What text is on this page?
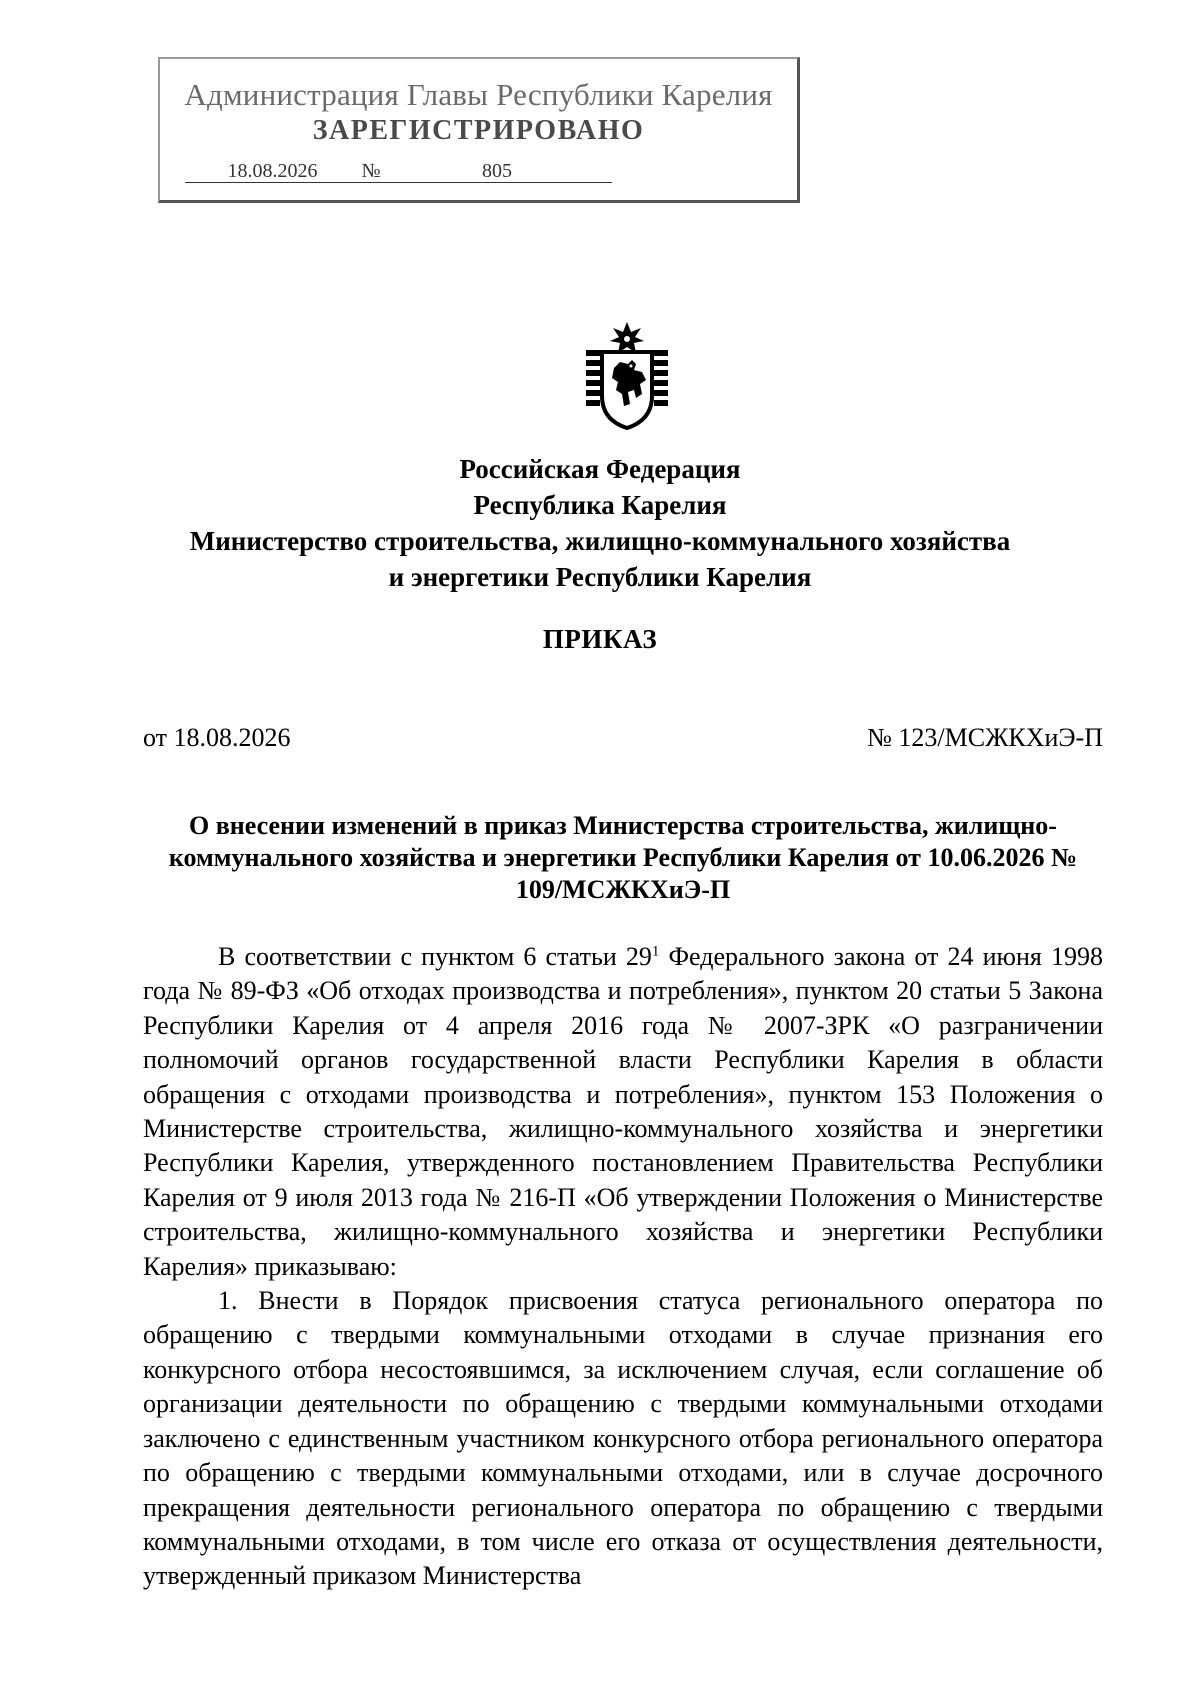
Администрация Главы Республики Карелия
ЗАРЕГИСТРИРОВАНО
18.08.2026 №	805
Российская Федерация
Республика Карелия
Министерство строительства, жилищно-коммунального хозяйства
и энергетики Республики Карелия
ПРИКАЗ
от 18.08.2026	№ 123/МСЖКХиЭ-П
О внесении изменений в приказ Министерства строительства, жилищно-коммунального хозяйства и энергетики Республики Карелия от 10.06.2026 № 109/МСЖКХиЭ-П

В соответствии с пунктом 6 статьи $29^1$ Федерального закона от 24 июня 1998 года № 89-ФЗ «Об отходах производства и потребления», пунктом 20 статьи 5 Закона Республики Карелия от 4 апреля 2016 года № 2007-ЗРК «О разграничении полномочий органов государственной власти Республики Карелия в области обращения с отходами производства и потребления», пунктом 153 Положения о Министерстве строительства, жилищно-коммунального хозяйства и энергетики Республики Карелия, утвержденного постановлением Правительства Республики Карелия от 9 июля 2013 года № 216-П «Об утверждении Положения о Министерстве строительства, жилищно-коммунального хозяйства и энергетики Республики Карелия» приказываю:

1. Внести в Порядок присвоения статуса регионального оператора по обращению с твердыми коммунальными отходами в случае признания его конкурсного отбора несостоявшимся, за исключением случая, если соглашение об организации деятельности по обращению с твердыми коммунальными отходами заключено с единственным участником конкурсного отбора регионального оператора по обращению с твердыми коммунальными отходами, или в случае досрочного прекращения деятельности регионального оператора по обращению с твердыми коммунальными отходами, в том числе его отказа от осуществления деятельности, утвержденный приказом Министерства
